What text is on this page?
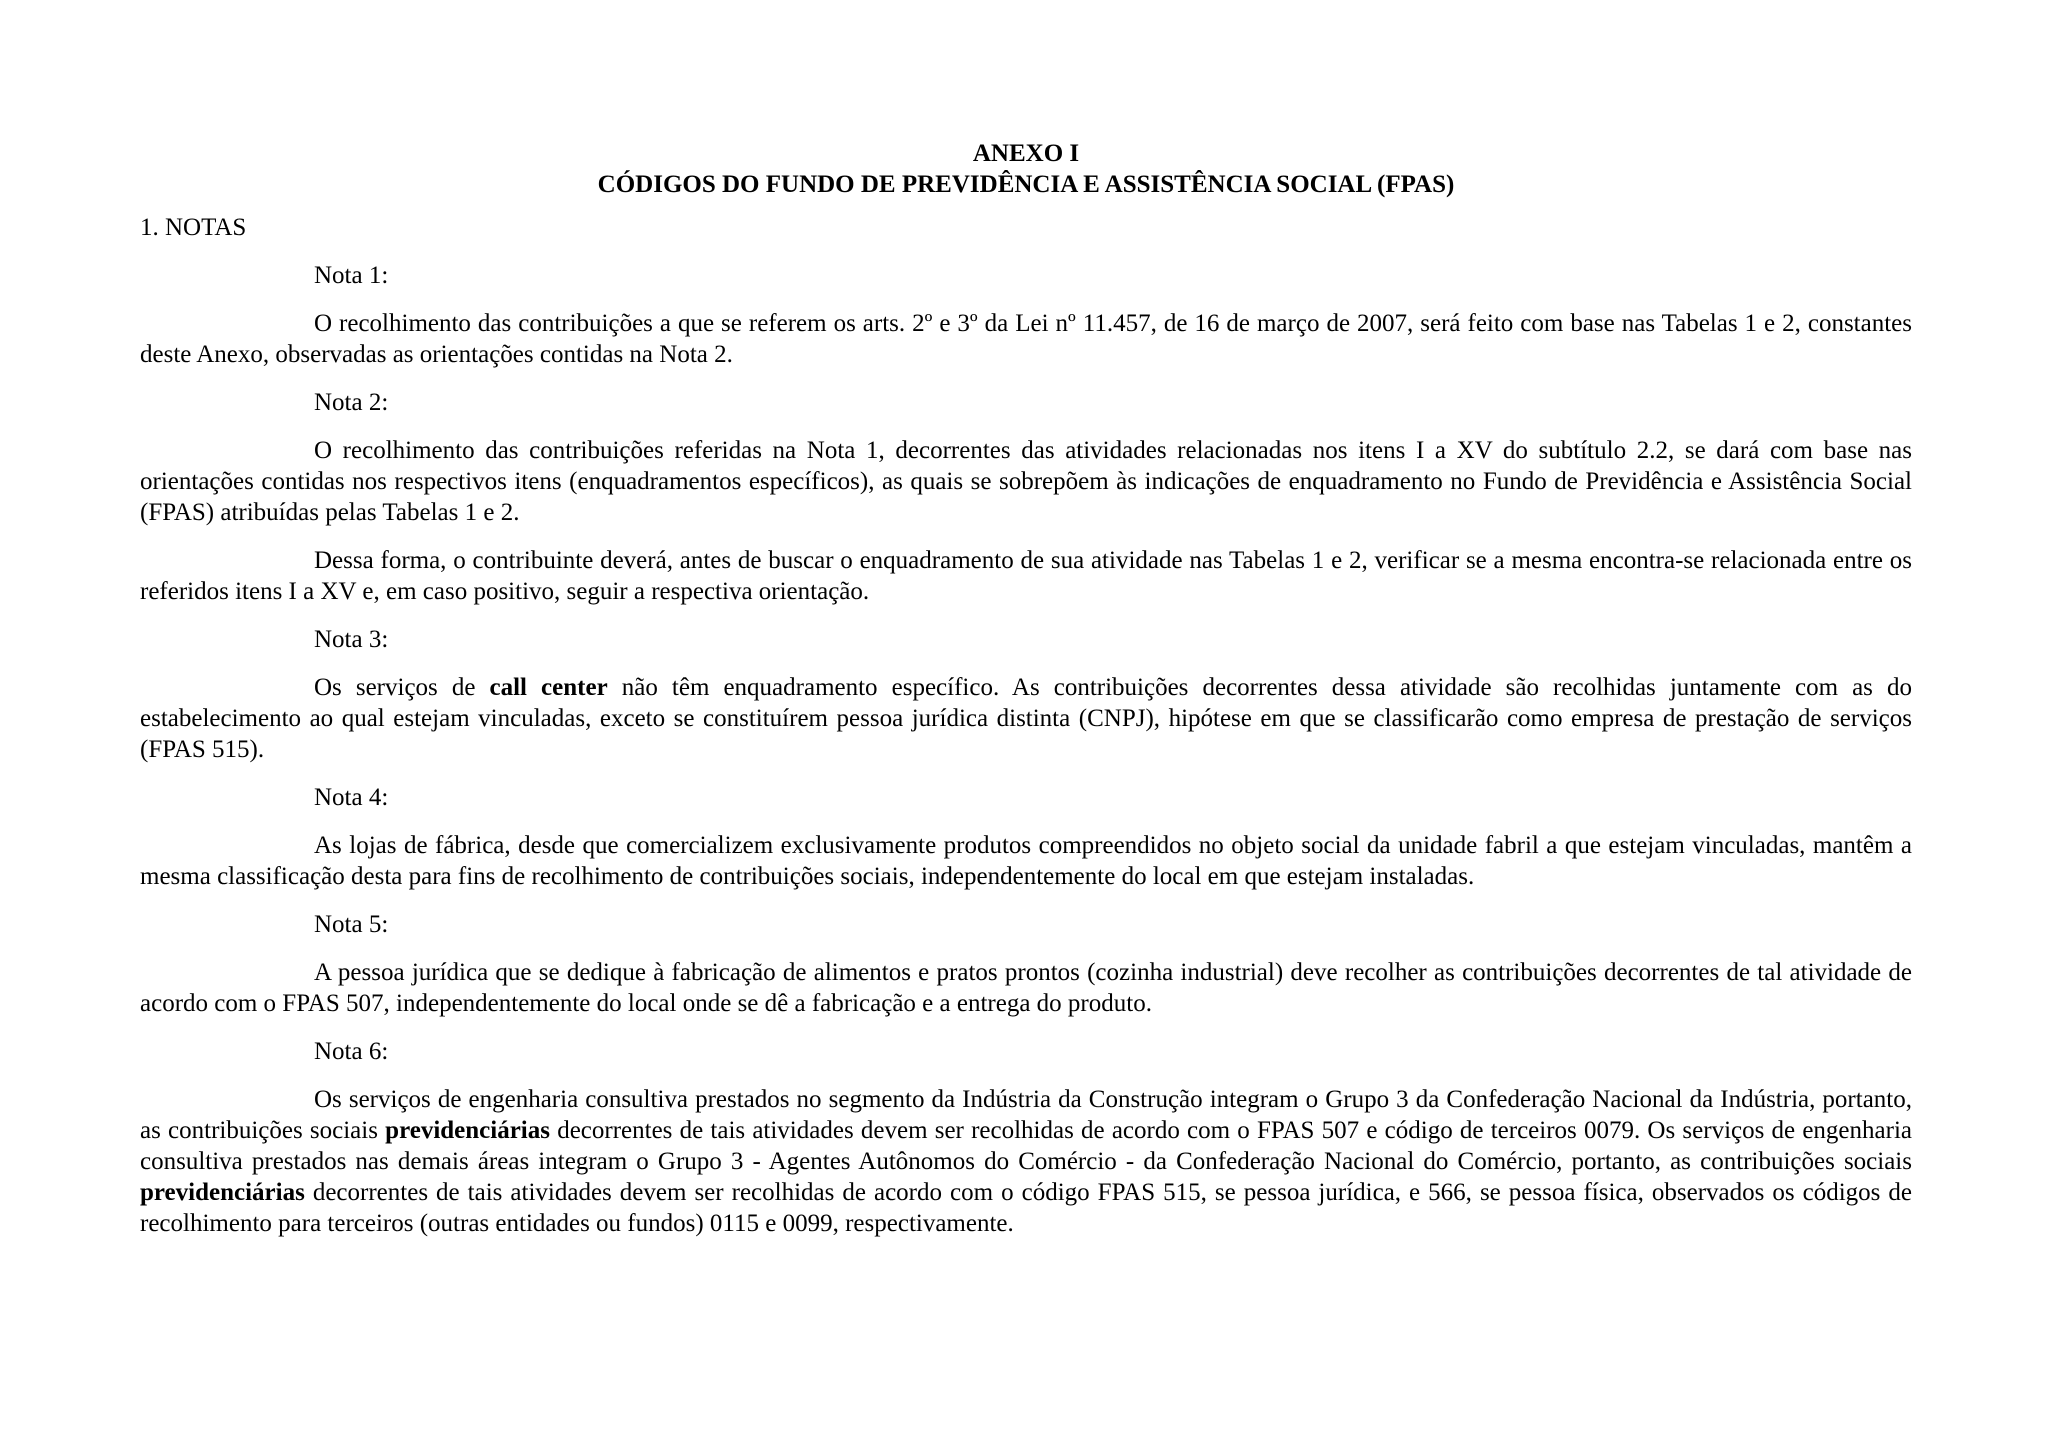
ANEXO I

CÓDIGOS DO FUNDO DE PREVIDÊNCIA E ASSISTÊNCIA SOCIAL (FPAS)

1. NOTAS

Nota 1:

O recolhimento das contribuições a que se referem os arts. 2º e 3º da Lei nº 11.457, de 16 de março de 2007, será feito com base nas Tabelas 1 e 2, constantes deste Anexo, observadas as orientações contidas na Nota 2.

Nota 2:

O recolhimento das contribuições referidas na Nota 1, decorrentes das atividades relacionadas nos itens I a XV do subtítulo 2.2, se dará com base nas orientações contidas nos respectivos itens (enquadramentos específicos), as quais se sobrepõem às indicações de enquadramento no Fundo de Previdência e Assistência Social (FPAS) atribuídas pelas Tabelas 1 e 2.

Dessa forma, o contribuinte deverá, antes de buscar o enquadramento de sua atividade nas Tabelas 1 e 2, verificar se a mesma encontra-se relacionada entre os referidos itens I a XV e, em caso positivo, seguir a respectiva orientação.

Nota 3:

Os serviços de call center não têm enquadramento específico. As contribuições decorrentes dessa atividade são recolhidas juntamente com as do estabelecimento ao qual estejam vinculadas, exceto se constituírem pessoa jurídica distinta (CNPJ), hipótese em que se classificarão como empresa de prestação de serviços (FPAS 515).

Nota 4:

As lojas de fábrica, desde que comercializem exclusivamente produtos compreendidos no objeto social da unidade fabril a que estejam vinculadas, mantêm a mesma classificação desta para fins de recolhimento de contribuições sociais, independentemente do local em que estejam instaladas.

Nota 5:

A pessoa jurídica que se dedique à fabricação de alimentos e pratos prontos (cozinha industrial) deve recolher as contribuições decorrentes de tal atividade de acordo com o FPAS 507, independentemente do local onde se dê a fabricação e a entrega do produto.

Nota 6:

Os serviços de engenharia consultiva prestados no segmento da Indústria da Construção integram o Grupo 3 da Confederação Nacional da Indústria, portanto, as contribuições sociais previdenciárias decorrentes de tais atividades devem ser recolhidas de acordo com o FPAS 507 e código de terceiros 0079. Os serviços de engenharia consultiva prestados nas demais áreas integram o Grupo 3 - Agentes Autônomos do Comércio - da Confederação Nacional do Comércio, portanto, as contribuições sociais previdenciárias decorrentes de tais atividades devem ser recolhidas de acordo com o código FPAS 515, se pessoa jurídica, e 566, se pessoa física, observados os códigos de recolhimento para terceiros (outras entidades ou fundos) 0115 e 0099, respectivamente.
